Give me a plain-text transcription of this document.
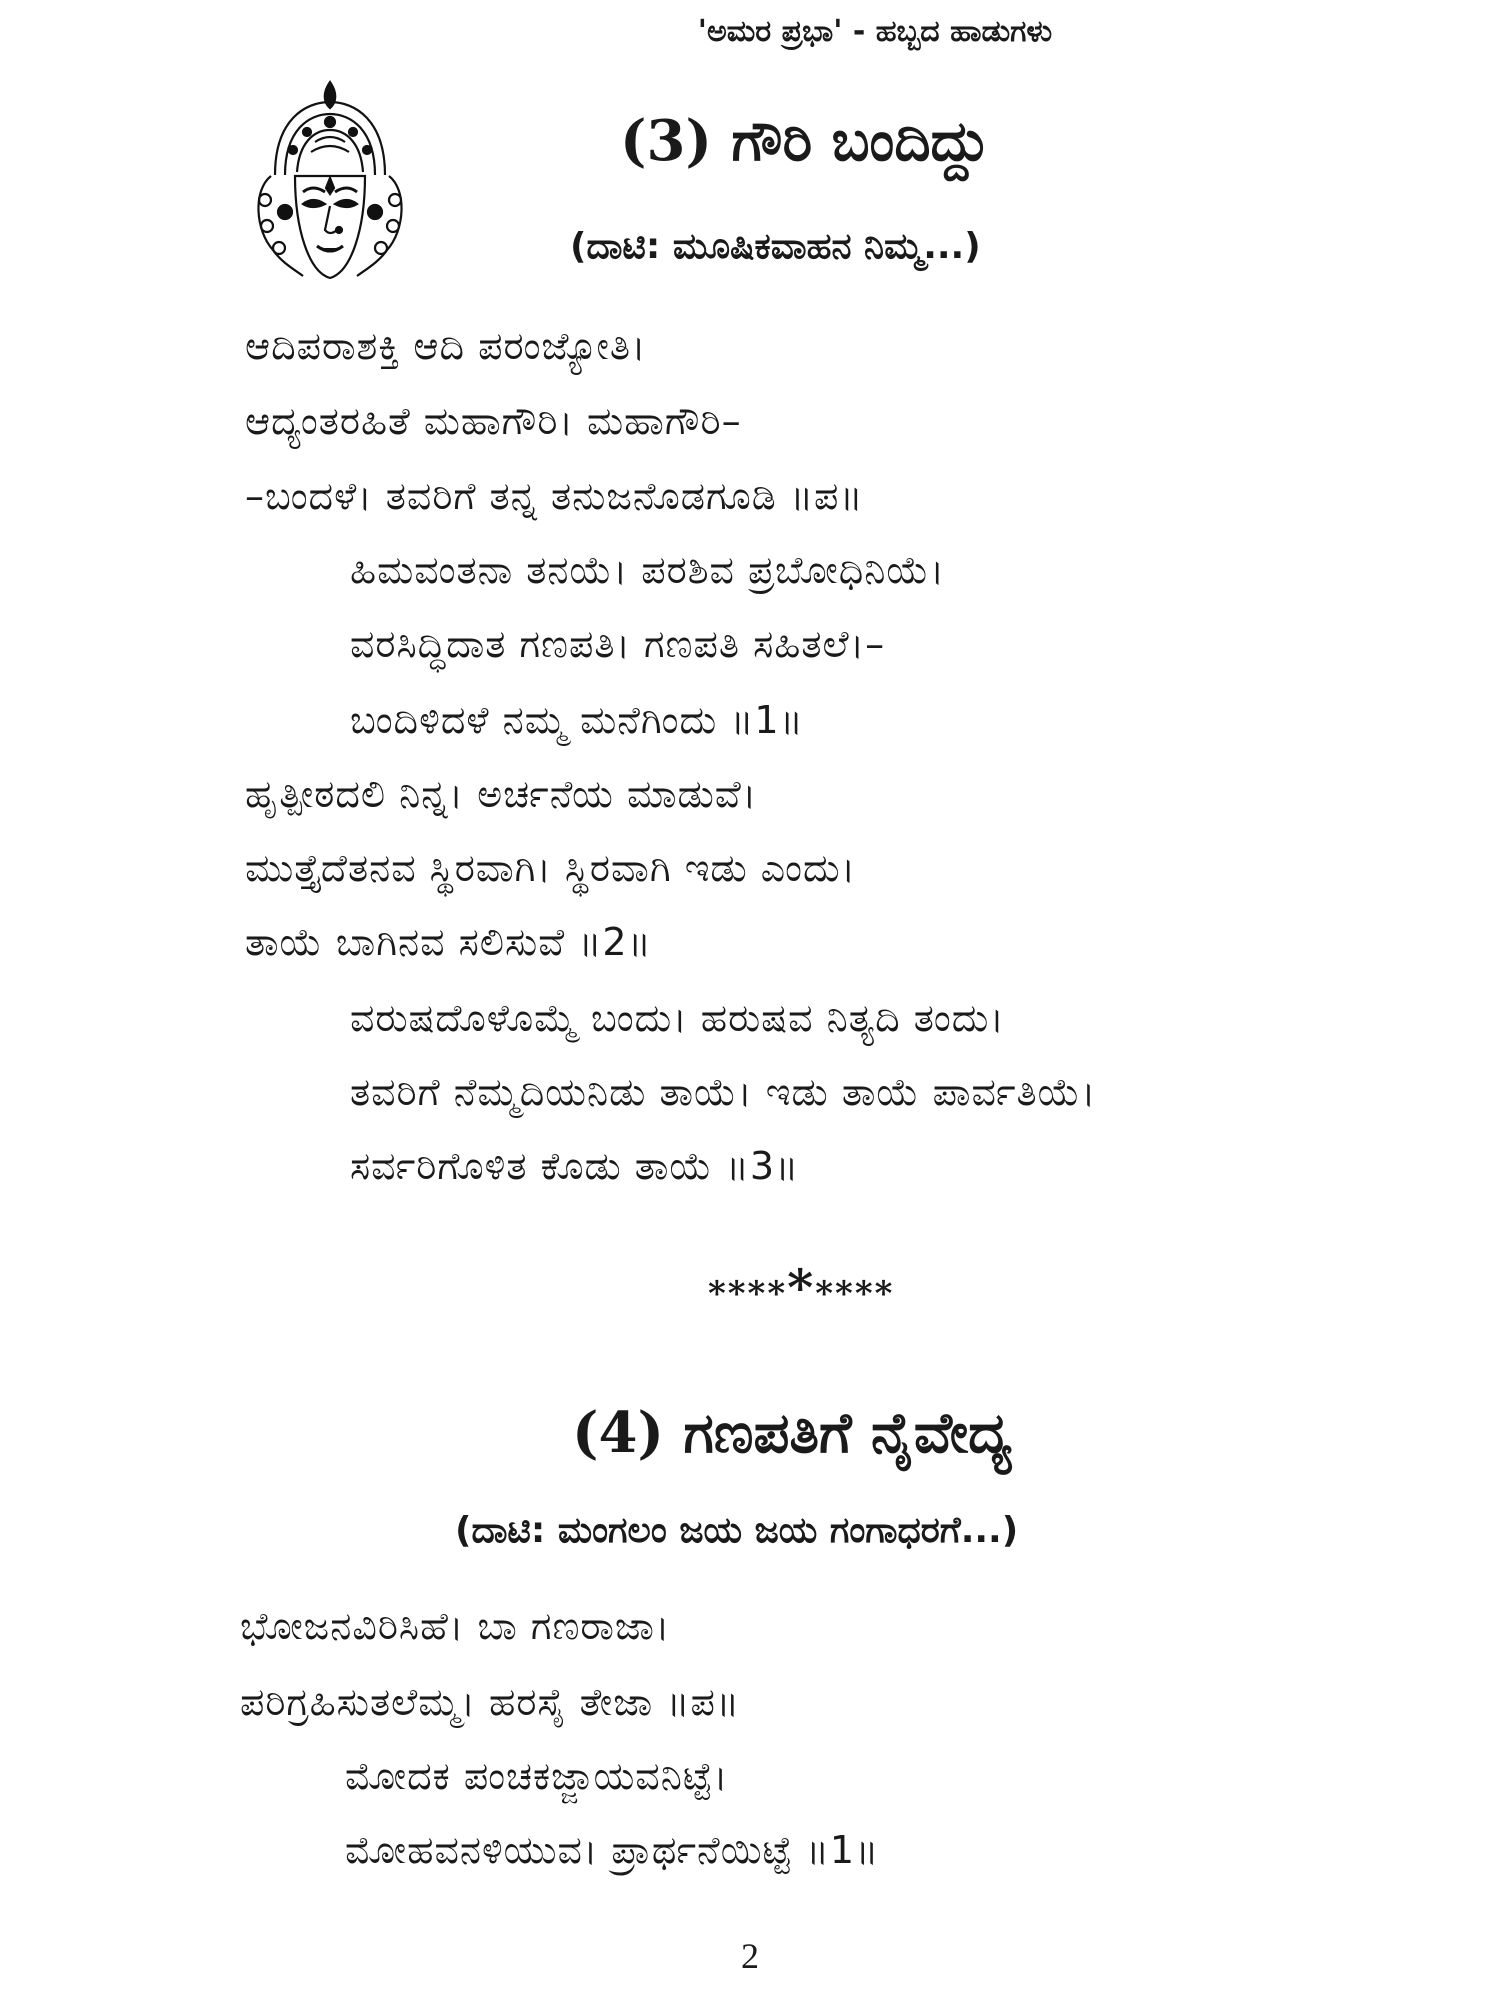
'ಅಮರ ಪ್ರಭಾ' - ಹಬ್ಬದ ಹಾಡುಗಳು
(3) ಗೌರಿ ಬಂದಿದ್ದು
(ದಾಟಿ: ಮೂಷಿಕವಾಹನ ನಿಮ್ಮ...)
ಆದಿಪರಾಶಕ್ತಿ ಆದಿ ಪರಂಜ್ಯೋತಿ।
ಆದ್ಯಂತರಹಿತೆ ಮಹಾಗೌರಿ। ಮಹಾಗೌರಿ–
–ಬಂದಳೆ। ತವರಿಗೆ ತನ್ನ ತನುಜನೊಡಗೂಡಿ ॥ಪ॥
ಹಿಮವಂತನಾ ತನಯೆ। ಪರಶಿವ ಪ್ರಬೋಧಿನಿಯೆ।
ವರಸಿದ್ಧಿದಾತ ಗಣಪತಿ। ಗಣಪತಿ ಸಹಿತಲೆ।–
ಬಂದಿಳಿದಳೆ ನಮ್ಮ ಮನೆಗಿಂದು ॥1॥
ಹೃತ್ಪೀಠದಲಿ ನಿನ್ನ। ಅರ್ಚನೆಯ ಮಾಡುವೆ।
ಮುತ್ತೈದೆತನವ ಸ್ಥಿರವಾಗಿ। ಸ್ಥಿರವಾಗಿ ಇಡು ಎಂದು।
ತಾಯೆ ಬಾಗಿನವ ಸಲಿಸುವೆ ॥2॥
ವರುಷದೊಳೊಮ್ಮೆ ಬಂದು। ಹರುಷವ ನಿತ್ಯದಿ ತಂದು।
ತವರಿಗೆ ನೆಮ್ಮದಿಯನಿಡು ತಾಯೆ। ಇಡು ತಾಯೆ ಪಾರ್ವತಿಯೆ।
ಸರ್ವರಿಗೊಳಿತ ಕೊಡು ತಾಯೆ ॥3॥
*********
(4) ಗಣಪತಿಗೆ ನೈವೇದ್ಯ
(ದಾಟಿ: ಮಂಗಲಂ ಜಯ ಜಯ ಗಂಗಾಧರಗೆ...)
ಭೋಜನವಿರಿಸಿಹೆ। ಬಾ ಗಣರಾಜಾ।
ಪರಿಗ್ರಹಿಸುತಲೆಮ್ಮ। ಹರಸೈ ತೇಜಾ ॥ಪ॥
ಮೋದಕ ಪಂಚಕಜ್ಜಾಯವನಿಟ್ಟೆ।
ಮೋಹವನಳಿಯುವ। ಪ್ರಾರ್ಥನೆಯಿಟ್ಟೆ ॥1॥
2
